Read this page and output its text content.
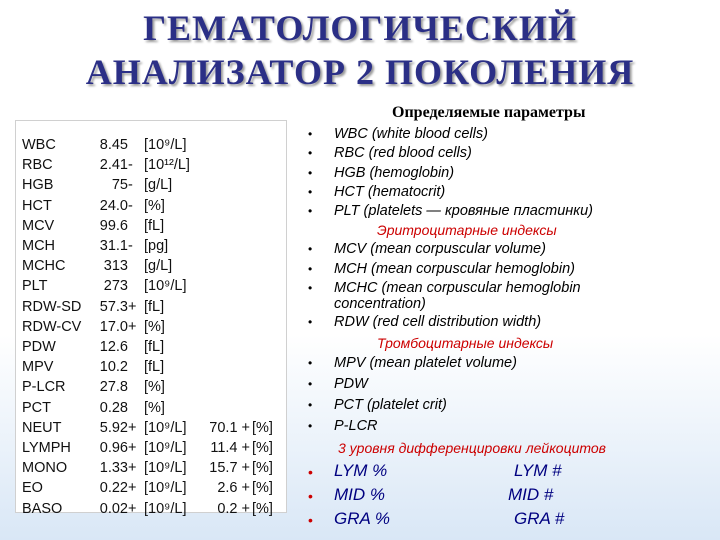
ГЕМАТОЛОГИЧЕСКИЙ
АНАЛИЗАТОР 2 ПОКОЛЕНИЯ
Определяемые параметры
WBC	8.45 [10⁹/L]
RBC	2.41 - [10¹²/L]
HGB	75 - [g/L]
HCT	24.0 - [%]
MCV	99.6 [fL]
MCH	31.1 - [pg]
MCHC	313 [g/L]
PLT	273 [10⁹/L]
RDW-SD 57.3 + [fL]
RDW-CV 17.0 + [%]
PDW	12.6 [fL]
MPV	10.2 [fL]
P-LCR 27.8 [%]
PCT	0.28 [%]
NEUT	5.92 + [10⁹/L] 70.1 + [%]
LYMPH 0.96 + [10⁹/L] 11.4 + [%]
MONO 1.33 + [10⁹/L] 15.7 + [%]
EO	0.22 + [10⁹/L] 2.6 + [%]
BASO	0.02 + [10⁹/L] 0.2 + [%]
• WBC (white blood cells)
• RBC (red blood cells)
• HGB (hemoglobin)
• HCT (hematocrit)
• PLT (platelets — кровяные пластинки)
Эритроцитарные индексы
• MCV (mean corpuscular volume)
• MCH (mean corpuscular hemoglobin)
• MCHC (mean corpuscular hemoglobin concentration)
• RDW (red cell distribution width)
Тромбоцитарные индексы
• MPV (mean platelet volume)
• PDW
• PCT (platelet crit)
• P-LCR
3 уровня дифференцировки лейкоцитов
• LYM %	LYM #
• MID %	MID #
• GRA %	GRA #
